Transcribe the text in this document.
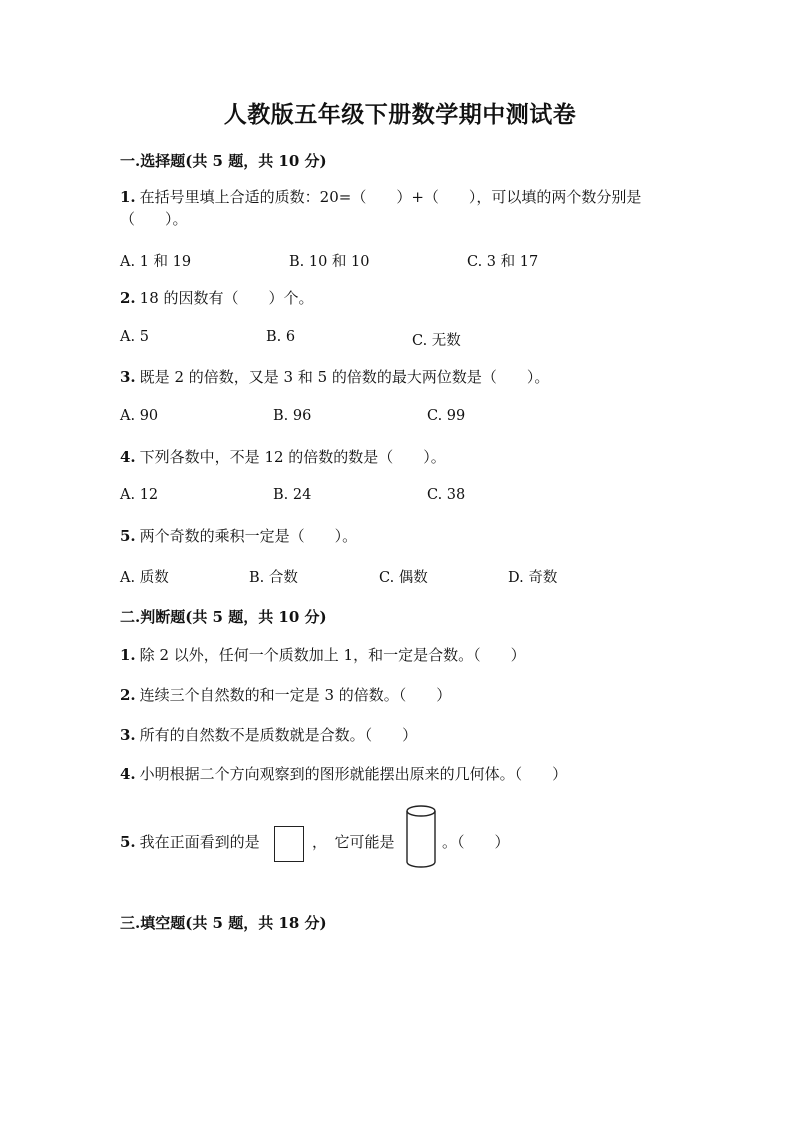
人教版五年级下册数学期中测试卷
一.选择题(共 5 题，共 10 分)
1. 在括号里填上合适的质数：20=（　　）+（　　），可以填的两个数分别是
（　　）。
A. 1 和 19	B. 10 和 10	C. 3 和 17
2. 18 的因数有（　　）个。
A. 5	B. 6	C. 无数
3. 既是 2 的倍数，又是 3 和 5 的倍数的最大两位数是（　　）。
A. 90	B. 96	C. 99
4. 下列各数中，不是 12 的倍数的数是（　　）。
A. 12	B. 24	C. 38
5. 两个奇数的乘积一定是（　　）。
A. 质数	B. 合数	C. 偶数	D. 奇数
二.判断题(共 5 题，共 10 分)
1. 除 2 以外，任何一个质数加上 1，和一定是合数。（　　）
2. 连续三个自然数的和一定是 3 的倍数。（　　）
3. 所有的自然数不是质数就是合数。（　　）
4. 小明根据二个方向观察到的图形就能摆出原来的几何体。（　　）
5. 我在正面看到的是	，　它可能是	。（　　）
三.填空题(共 5 题，共 18 分)
